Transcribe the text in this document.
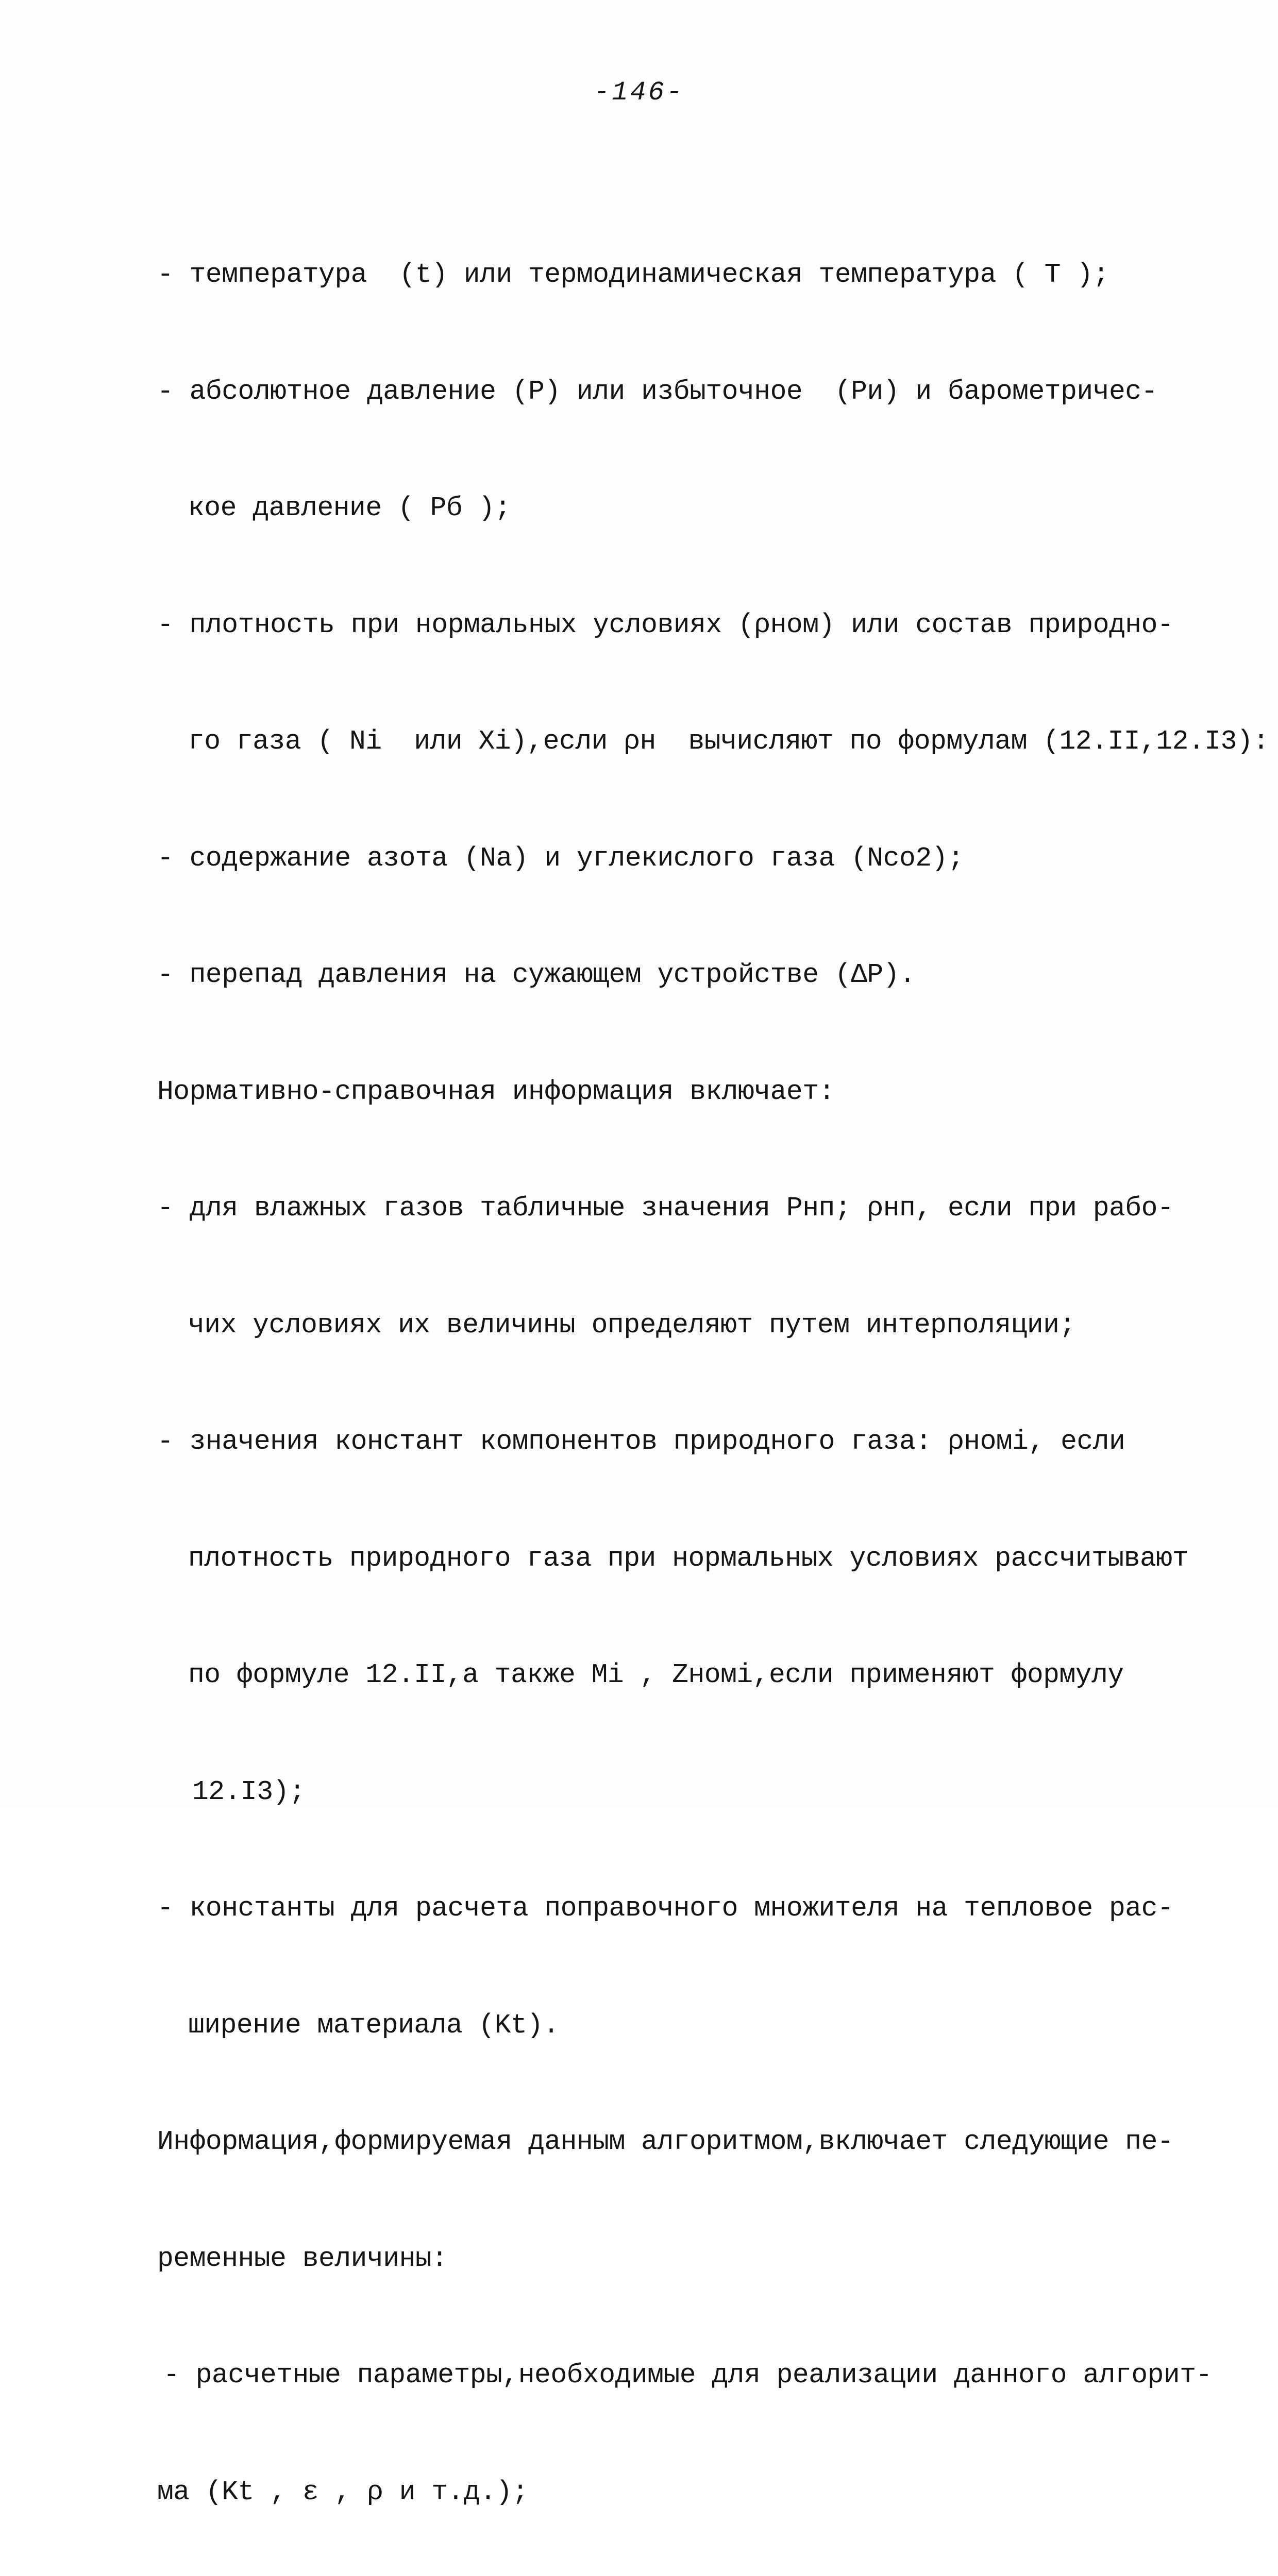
-146-

- температура  (t) или термодинамическая температура ( T );

- абсолютное давление (P) или избыточное  (Pи) и барометричес-

кое давление ( Pб );

- плотность при нормальных условиях (ρном) или состав природно-

го газа ( Ni  или Xi),если ρн  вычисляют по формулам (12.II,12.I3):

- содержание азота (Na) и углекислого газа (Nco2);

- перепад давления на сужающем устройстве (ΔP).

Нормативно-справочная информация включает:

- для влажных газов табличные значения Pнп; ρнп, если при рабо-

чих условиях их величины определяют путем интерполяции;

- значения констант компонентов природного газа: ρномi, если

плотность природного газа при нормальных условиях рассчитывают

по формуле 12.II,а также Mi , Zномi,если применяют формулу

12.I3);

- константы для расчета поправочного множителя на тепловое рас-

ширение материала (Kt).

Информация,формируемая данным алгоритмом,включает следующие пе-

ременные величины:

- расчетные параметры,необходимые для реализации данного алгорит-

ма (Kt , ε , ρ и т.д.);
